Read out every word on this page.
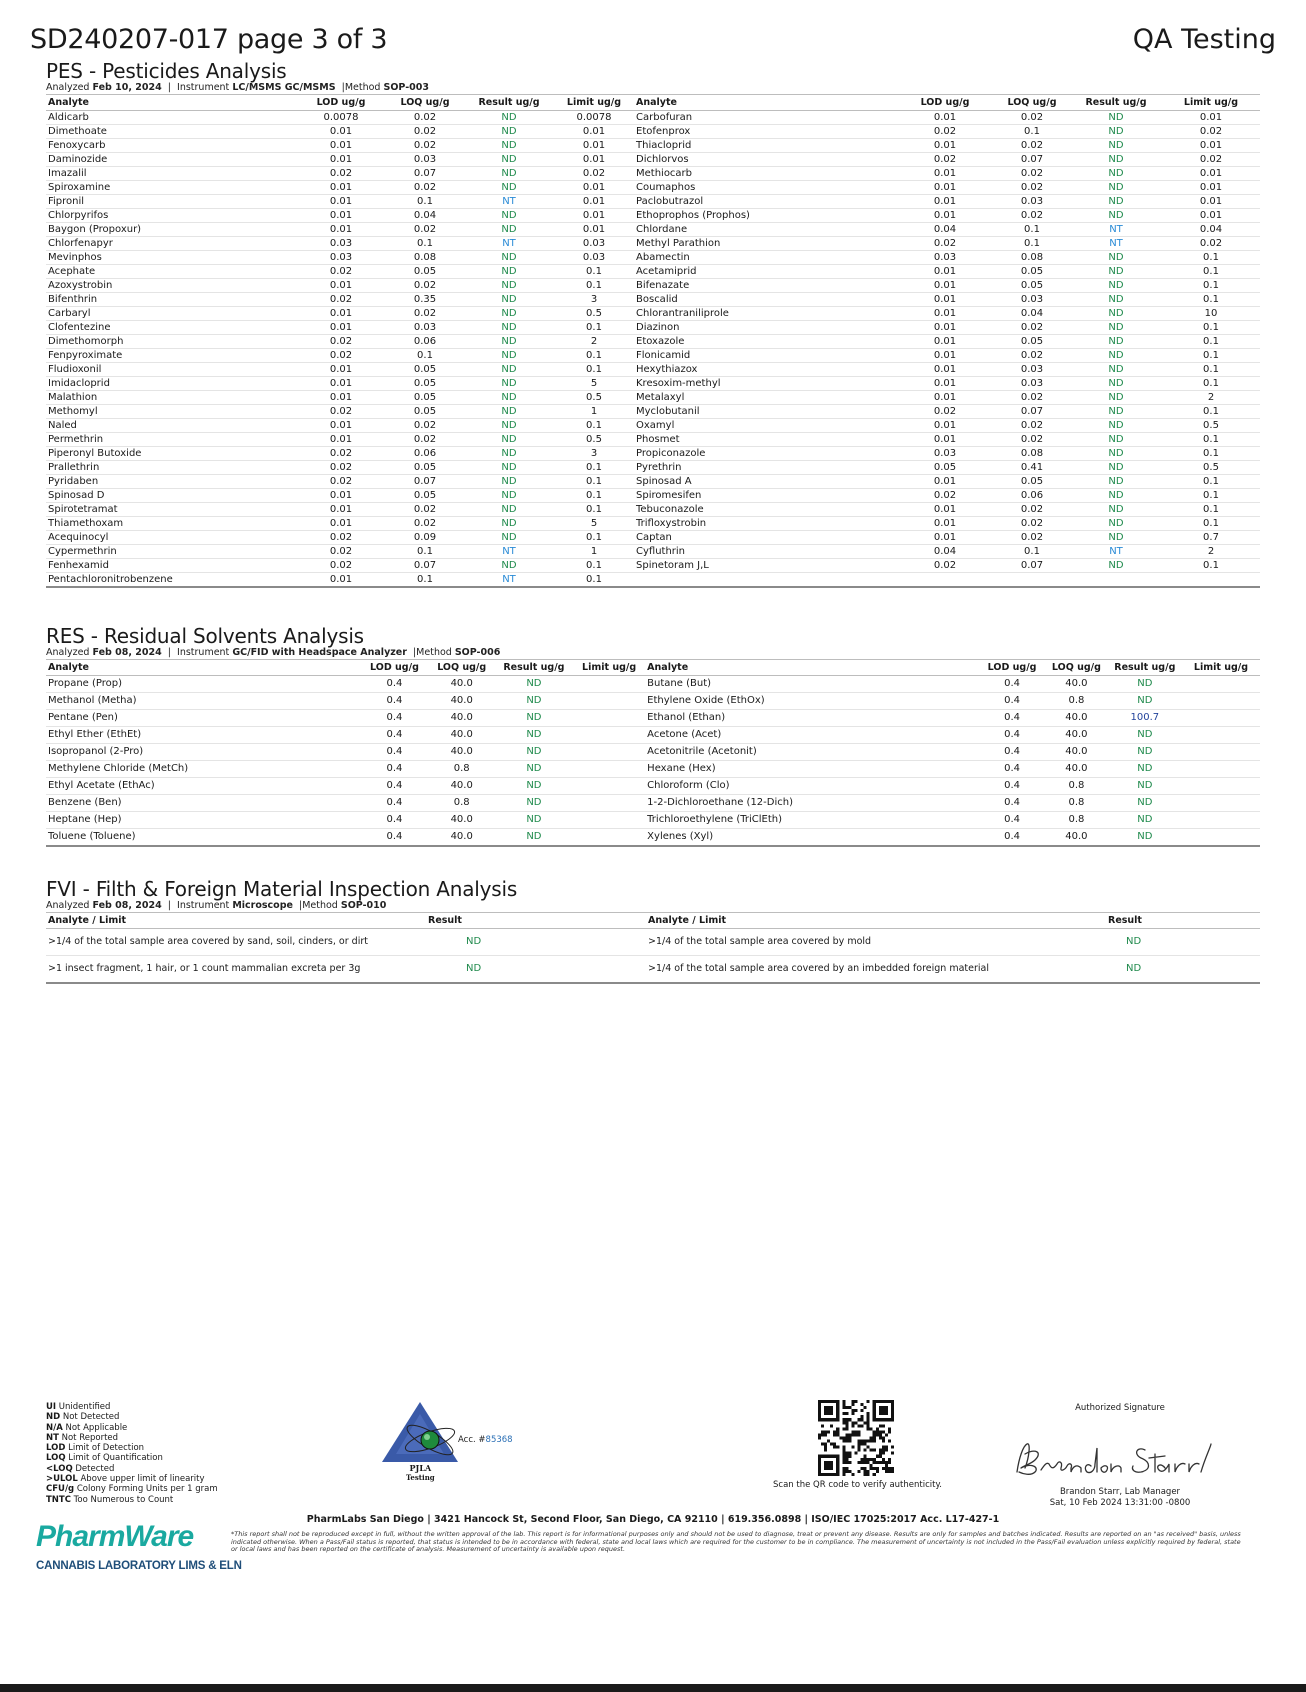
SD240207-017 page 3 of 3	QA Testing
PES - Pesticides Analysis
Analyzed Feb 10, 2024  |  Instrument LC/MSMS GC/MSMS  |Method SOP-003
Analyte	LOD ug/g	LOQ ug/g	Result ug/g	Limit ug/g	Analyte	LOD ug/g	LOQ ug/g	Result ug/g	Limit ug/g
Aldicarb	0.0078	0.02	ND	0.0078	Carbofuran	0.01	0.02	ND	0.01
Dimethoate	0.01	0.02	ND	0.01	Etofenprox	0.02	0.1	ND	0.02
Fenoxycarb	0.01	0.02	ND	0.01	Thiacloprid	0.01	0.02	ND	0.01
Daminozide	0.01	0.03	ND	0.01	Dichlorvos	0.02	0.07	ND	0.02
Imazalil	0.02	0.07	ND	0.02	Methiocarb	0.01	0.02	ND	0.01
Spiroxamine	0.01	0.02	ND	0.01	Coumaphos	0.01	0.02	ND	0.01
Fipronil	0.01	0.1	NT	0.01	Paclobutrazol	0.01	0.03	ND	0.01
Chlorpyrifos	0.01	0.04	ND	0.01	Ethoprophos (Prophos)	0.01	0.02	ND	0.01
Baygon (Propoxur)	0.01	0.02	ND	0.01	Chlordane	0.04	0.1	NT	0.04
Chlorfenapyr	0.03	0.1	NT	0.03	Methyl Parathion	0.02	0.1	NT	0.02
Mevinphos	0.03	0.08	ND	0.03	Abamectin	0.03	0.08	ND	0.1
Acephate	0.02	0.05	ND	0.1	Acetamiprid	0.01	0.05	ND	0.1
Azoxystrobin	0.01	0.02	ND	0.1	Bifenazate	0.01	0.05	ND	0.1
Bifenthrin	0.02	0.35	ND	3	Boscalid	0.01	0.03	ND	0.1
Carbaryl	0.01	0.02	ND	0.5	Chlorantraniliprole	0.01	0.04	ND	10
Clofentezine	0.01	0.03	ND	0.1	Diazinon	0.01	0.02	ND	0.1
Dimethomorph	0.02	0.06	ND	2	Etoxazole	0.01	0.05	ND	0.1
Fenpyroximate	0.02	0.1	ND	0.1	Flonicamid	0.01	0.02	ND	0.1
Fludioxonil	0.01	0.05	ND	0.1	Hexythiazox	0.01	0.03	ND	0.1
Imidacloprid	0.01	0.05	ND	5	Kresoxim-methyl	0.01	0.03	ND	0.1
Malathion	0.01	0.05	ND	0.5	Metalaxyl	0.01	0.02	ND	2
Methomyl	0.02	0.05	ND	1	Myclobutanil	0.02	0.07	ND	0.1
Naled	0.01	0.02	ND	0.1	Oxamyl	0.01	0.02	ND	0.5
Permethrin	0.01	0.02	ND	0.5	Phosmet	0.01	0.02	ND	0.1
Piperonyl Butoxide	0.02	0.06	ND	3	Propiconazole	0.03	0.08	ND	0.1
Prallethrin	0.02	0.05	ND	0.1	Pyrethrin	0.05	0.41	ND	0.5
Pyridaben	0.02	0.07	ND	0.1	Spinosad A	0.01	0.05	ND	0.1
Spinosad D	0.01	0.05	ND	0.1	Spiromesifen	0.02	0.06	ND	0.1
Spirotetramat	0.01	0.02	ND	0.1	Tebuconazole	0.01	0.02	ND	0.1
Thiamethoxam	0.01	0.02	ND	5	Trifloxystrobin	0.01	0.02	ND	0.1
Acequinocyl	0.02	0.09	ND	0.1	Captan	0.01	0.02	ND	0.7
Cypermethrin	0.02	0.1	NT	1	Cyfluthrin	0.04	0.1	NT	2
Fenhexamid	0.02	0.07	ND	0.1	Spinetoram J,L	0.02	0.07	ND	0.1
Pentachloronitrobenzene	0.01	0.1	NT	0.1					
RES - Residual Solvents Analysis
Analyzed Feb 08, 2024  |  Instrument GC/FID with Headspace Analyzer  |Method SOP-006
Analyte	LOD ug/g	LOQ ug/g	Result ug/g	Limit ug/g	Analyte	LOD ug/g	LOQ ug/g	Result ug/g	Limit ug/g
Propane (Prop)	0.4	40.0	ND		Butane (But)	0.4	40.0	ND	
Methanol (Metha)	0.4	40.0	ND		Ethylene Oxide (EthOx)	0.4	0.8	ND	
Pentane (Pen)	0.4	40.0	ND		Ethanol (Ethan)	0.4	40.0	100.7	
Ethyl Ether (EthEt)	0.4	40.0	ND		Acetone (Acet)	0.4	40.0	ND	
Isopropanol (2-Pro)	0.4	40.0	ND		Acetonitrile (Acetonit)	0.4	40.0	ND	
Methylene Chloride (MetCh)	0.4	0.8	ND		Hexane (Hex)	0.4	40.0	ND	
Ethyl Acetate (EthAc)	0.4	40.0	ND		Chloroform (Clo)	0.4	0.8	ND	
Benzene (Ben)	0.4	0.8	ND		1-2-Dichloroethane (12-Dich)	0.4	0.8	ND	
Heptane (Hep)	0.4	40.0	ND		Trichloroethylene (TriClEth)	0.4	0.8	ND	
Toluene (Toluene)	0.4	40.0	ND		Xylenes (Xyl)	0.4	40.0	ND	
FVI - Filth & Foreign Material Inspection Analysis
Analyzed Feb 08, 2024  |  Instrument Microscope  |Method SOP-010
Analyte / Limit	Result	Analyte / Limit	Result
>1/4 of the total sample area covered by sand, soil, cinders, or dirt	ND	>1/4 of the total sample area covered by mold	ND
>1 insect fragment, 1 hair, or 1 count mammalian excreta per 3g	ND	>1/4 of the total sample area covered by an imbedded foreign material	ND
UI Unidentified
ND Not Detected
N/A Not Applicable
NT Not Reported
LOD Limit of Detection
LOQ Limit of Quantification
<LOQ Detected
>ULOL Above upper limit of linearity
CFU/g Colony Forming Units per 1 gram
TNTC Too Numerous to Count
Acc. #85368
PJLA
Testing
Scan the QR code to verify authenticity.
Authorized Signature
Brandon Starr, Lab Manager
Sat, 10 Feb 2024 13:31:00 -0800
PharmLabs San Diego | 3421 Hancock St, Second Floor, San Diego, CA 92110 | 619.356.0898 | ISO/IEC 17025:2017 Acc. L17-427-1
*This report shall not be reproduced except in full, without the written approval of the lab. This report is for informational purposes only and should not be used to diagnose, treat or prevent any disease. Results are only for samples and batches indicated. Results are reported on an "as received" basis, unless indicated otherwise. When a Pass/Fail status is reported, that status is intended to be in accordance with federal, state and local laws which are required for the customer to be in compliance. The measurement of uncertainty is not included in the Pass/Fail evaluation unless explicitly required by federal, state or local laws and has been reported on the certificate of analysis. Measurement of uncertainty is available upon request.
PharmWare
CANNABIS LABORATORY LIMS & ELN
